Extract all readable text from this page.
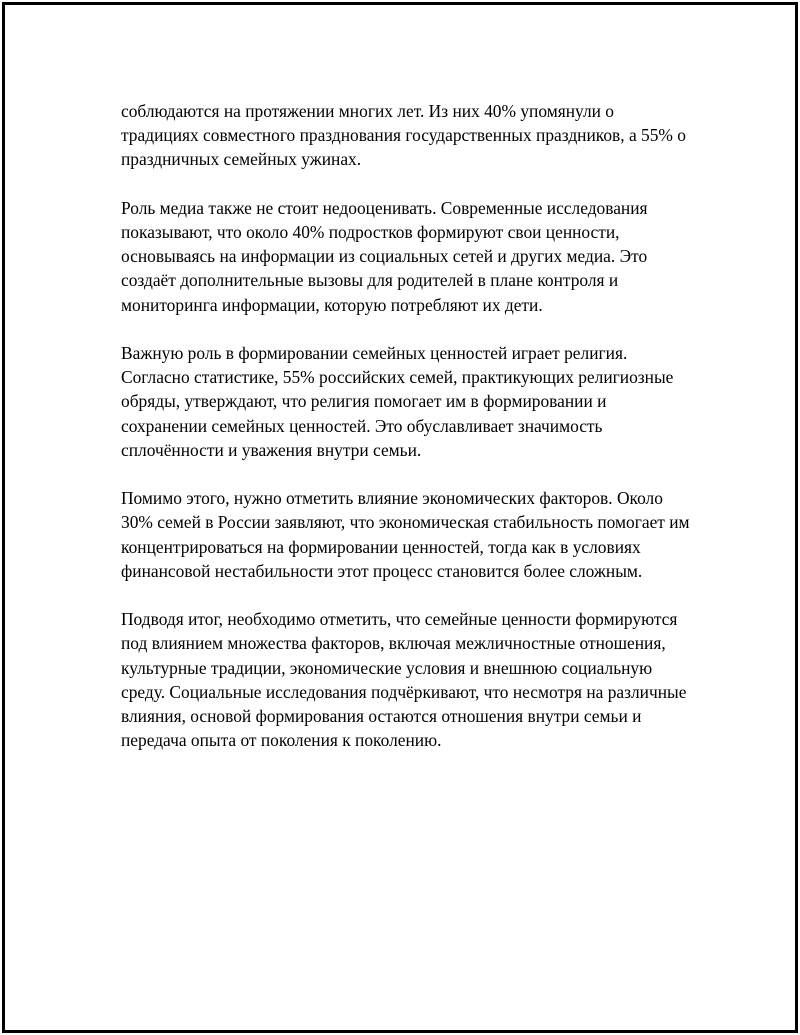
соблюдаются на протяжении многих лет. Из них 40% упомянули о традициях совместного празднования государственных праздников, а 55% о праздничных семейных ужинах.

Роль медиа также не стоит недооценивать. Современные исследования показывают, что около 40% подростков формируют свои ценности, основываясь на информации из социальных сетей и других медиа. Это создаёт дополнительные вызовы для родителей в плане контроля и мониторинга информации, которую потребляют их дети.

Важную роль в формировании семейных ценностей играет религия. Согласно статистике, 55% российских семей, практикующих религиозные обряды, утверждают, что религия помогает им в формировании и сохранении семейных ценностей. Это обуславливает значимость сплочённости и уважения внутри семьи.

Помимо этого, нужно отметить влияние экономических факторов. Около 30% семей в России заявляют, что экономическая стабильность помогает им концентрироваться на формировании ценностей, тогда как в условиях финансовой нестабильности этот процесс становится более сложным.

Подводя итог, необходимо отметить, что семейные ценности формируются под влиянием множества факторов, включая межличностные отношения, культурные традиции, экономические условия и внешнюю социальную среду. Социальные исследования подчёркивают, что несмотря на различные влияния, основой формирования остаются отношения внутри семьи и передача опыта от поколения к поколению.
